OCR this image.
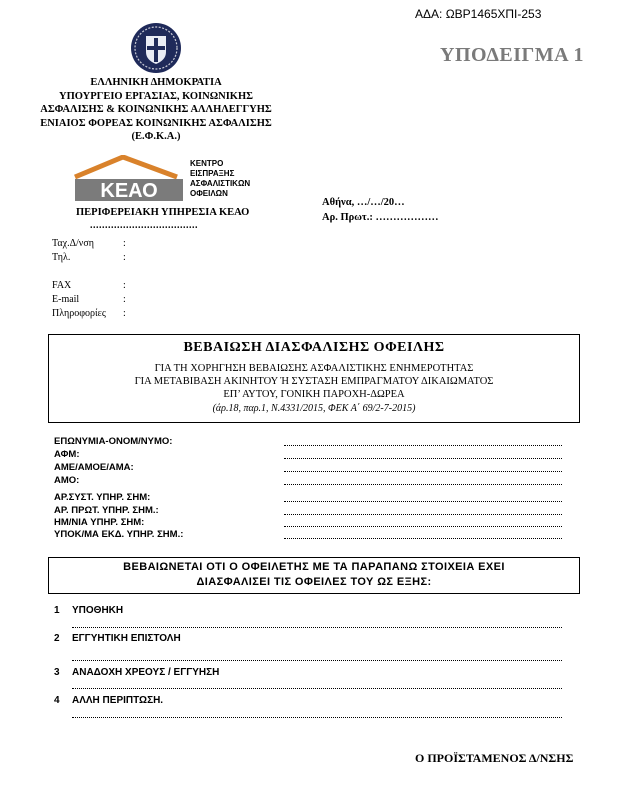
ΑΔΑ: ΩΒΡ1465ΧΠΙ-253
ΥΠΟΔΕΙΓΜΑ 1
ΕΛΛΗΝΙΚΗ ΔΗΜΟΚΡΑΤΙΑ
ΥΠΟΥΡΓΕΙΟ ΕΡΓΑΣΙΑΣ, ΚΟΙΝΩΝΙΚΗΣ
ΑΣΦΑΛΙΣΗΣ & ΚΟΙΝΩΝΙΚΗΣ ΑΛΛΗΛΕΓΓΥΗΣ
ΕΝΙΑΙΟΣ ΦΟΡΕΑΣ ΚΟΙΝΩΝΙΚΗΣ ΑΣΦΑΛΙΣΗΣ
(Ε.Φ.Κ.Α.)
ΚΕΑΟ
ΚΕΝΤΡΟ
ΕΙΣΠΡΑΞΗΣ
ΑΣΦΑΛΙΣΤΙΚΩΝ
ΟΦΕΙΛΩΝ
ΠΕΡΙΦΕΡΕΙΑΚΗ ΥΠΗΡΕΣΙΑ ΚΕΑΟ
....................................
Αθήνα, …/…/20…
Αρ. Πρωτ.: ………………
Ταχ.Δ/νση	:
Τηλ.	:
FAX	:
E-mail	:
Πληροφορίες :
ΒΕΒΑΙΩΣΗ ΔΙΑΣΦΑΛΙΣΗΣ ΟΦΕΙΛΗΣ
ΓΙΑ ΤΗ ΧΟΡΗΓΗΣΗ ΒΕΒΑΙΩΣΗΣ ΑΣΦΑΛΙΣΤΙΚΗΣ ΕΝΗΜΕΡΟΤΗΤΑΣ
ΓΙΑ ΜΕΤΑΒΙΒΑΣΗ ΑΚΙΝΗΤΟΥ Ή ΣΥΣΤΑΣΗ ΕΜΠΡΑΓΜΑΤΟΥ ΔΙΚΑΙΩΜΑΤΟΣ
ΕΠ’ ΑΥΤΟΥ, ΓΟΝΙΚΗ ΠΑΡΟΧΗ-ΔΩΡΕΑ
(άρ.18, παρ.1, Ν.4331/2015, ΦΕΚ Α΄ 69/2-7-2015)
ΕΠΩΝΥΜΙΑ-ΟΝΟΜ/ΝΥΜΟ:
ΑΦΜ:
ΑΜΕ/ΑΜΟΕ/ΑΜΑ:
ΑΜΟ:
ΑΡ.ΣΥΣΤ. ΥΠΗΡ. ΣΗΜ:
ΑΡ. ΠΡΩΤ. ΥΠΗΡ. ΣΗΜ.:
ΗΜ/ΝΙΑ ΥΠΗΡ. ΣΗΜ:
ΥΠΟΚ/ΜΑ ΕΚΔ. ΥΠΗΡ. ΣΗΜ.:
ΒΕΒΑΙΩΝΕΤΑΙ ΟΤΙ Ο ΟΦΕΙΛΕΤΗΣ ΜΕ ΤΑ ΠΑΡΑΠΑΝΩ ΣΤΟΙΧΕΙΑ ΕΧΕΙ
ΔΙΑΣΦΑΛΙΣΕΙ ΤΙΣ ΟΦΕΙΛΕΣ ΤΟΥ ΩΣ ΕΞΗΣ:
1 ΥΠΟΘΗΚΗ
2 ΕΓΓΥΗΤΙΚΗ ΕΠΙΣΤΟΛΗ
3 ΑΝΑΔΟΧΗ ΧΡΕΟΥΣ / ΕΓΓΥΗΣΗ
4 ΑΛΛΗ ΠΕΡΙΠΤΩΣΗ.
Ο ΠΡΟΪΣΤΑΜΕΝΟΣ Δ/ΝΣΗΣ
